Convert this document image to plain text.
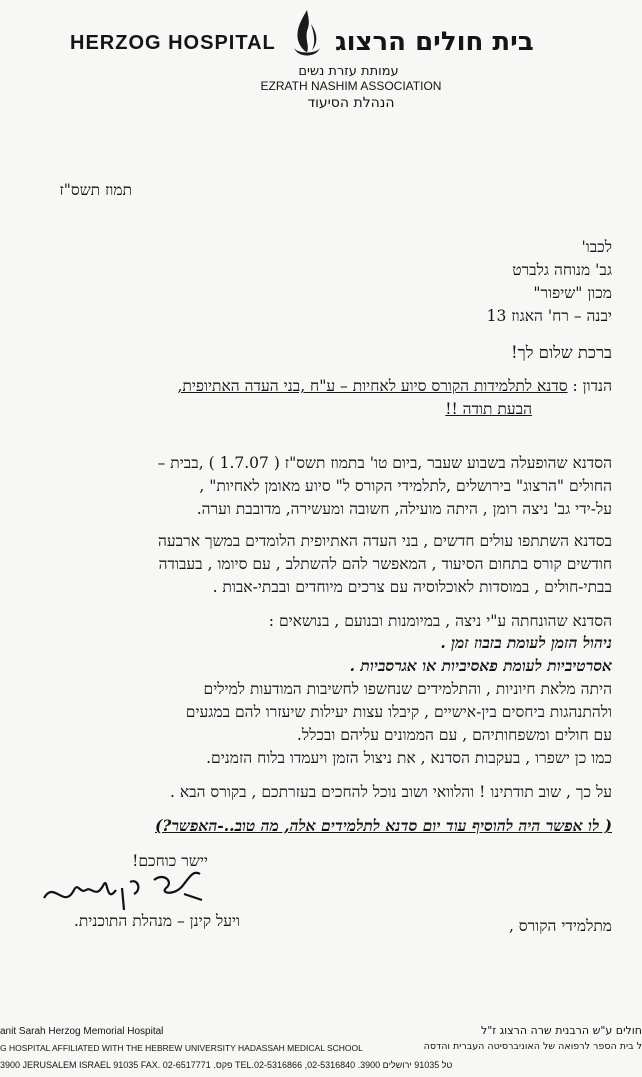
HERZOG HOSPITAL בית חולים הרצוג
עמותת עזרת נשים
EZRATH NASHIM ASSOCIATION
הנהלת הסיעוד
תמוז תשס"ז
לכבו'
גב' מנוחה גלברט
מכון "שיפור"
יבנה – רח' האגוז 13
ברכת שלום לך!
הנדון : סדנא לתלמידות הקורס סיוע לאחיות – ע"ח ,בני העדה האתיופית,
הבעת תודה !!
הסדנא שהופעלה בשבוע שעבר ,ביום טו' בתמוז תשס"ז ( 1.7.07 ) ,בבית –
החולים "הרצוג" בירושלים ,לתלמידי הקורס ל" סיוע מאומן לאחיות" ,
על-ידי גב' ניצה רומן , היתה מועילה, חשובה ומעשירה, מדובבת וערה.
בסדנא השתתפו עולים חדשים , בני העדה האתיופית הלומדים במשך ארבעה
חודשים קורס בתחום הסיעוד , המאפשר להם להשתלב , עם סיומו , בעבודה
בבתי-חולים , במוסדות לאוכלוסיה עם צרכים מיוחדים ובבתי-אבות .
הסדנא שהונחתה ע"י ניצה , במיומנות ובנועם , בנושאים :
ניהול הזמן לעומת בזבוז זמן .
אסרטיביות לעומת פאסיביות או אגרסביות .
היתה מלאת חיוניות , והתלמידים שנחשפו לחשיבות המודעות למילים
ולהתנהגות ביחסים בין-אישיים , קיבלו עצות יעילות שיעזרו להם במגעים
עם חולים ומשפחותיהם , עם הממונים עליהם ובכלל.
כמו כן ישפרו , בעקבות הסדנא , את ניצול הזמן ויעמדו בלוח הזמנים.
על כך , שוב תודתינו ! והלוואי ושוב נוכל להחכים בעזרתכם , בקורס הבא .
( לו אפשר היה להוסיף עוד יום סדנא לתלמידים אלה, מה טוב..-האפשר?)
יישר כוחכם!
ויעל קינן – מנהלת התוכנית.	מתלמידי הקורס ,
anit Sarah Herzog Memorial Hospital
G HOSPITAL AFFILIATED WITH THE HEBREW UNIVERSITY HADASSAH MEDICAL SCHOOL
3900 JERUSALEM ISRAEL 91035 FAX. 02-6517771 .פקס TEL.02-5316866 ,02-5316840 .טל 91035 ירושלים 3900
חולים ע"ש הרבנית שרה הרצוג ז"ל
ל בית הספר לרפואה של האוניברסיטה העברית והדסה
